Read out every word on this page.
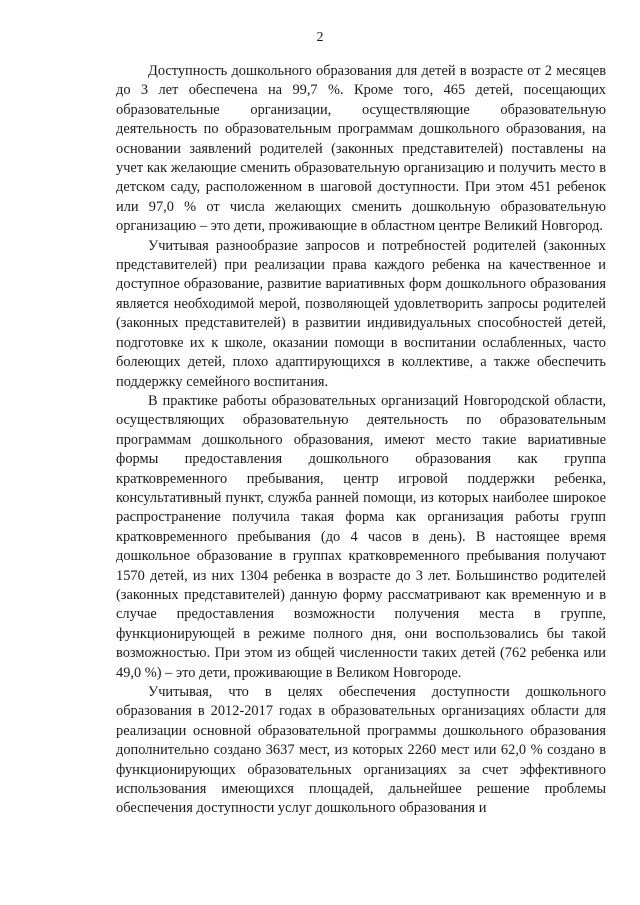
2

Доступность дошкольного образования для детей в возрасте от 2 месяцев до 3 лет обеспечена на 99,7 %. Кроме того, 465 детей, посещающих образовательные организации, осуществляющие образовательную деятельность по образовательным программам дошкольного образования, на основании заявлений родителей (законных представителей) поставлены на учет как желающие сменить образовательную организацию и получить место в детском саду, расположенном в шаговой доступности. При этом 451 ребенок или 97,0 % от числа желающих сменить дошкольную образовательную организацию – это дети, проживающие в областном центре Великий Новгород.

Учитывая разнообразие запросов и потребностей родителей (законных представителей) при реализации права каждого ребенка на качественное и доступное образование, развитие вариативных форм дошкольного образования является необходимой мерой, позволяющей удовлетворить запросы родителей (законных представителей) в развитии индивидуальных способностей детей, подготовке их к школе, оказании помощи в воспитании ослабленных, часто болеющих детей, плохо адаптирующихся в коллективе, а также обеспечить поддержку семейного воспитания.

В практике работы образовательных организаций Новгородской области, осуществляющих образовательную деятельность по образовательным программам дошкольного образования, имеют место такие вариативные формы предоставления дошкольного образования как группа кратковременного пребывания, центр игровой поддержки ребенка, консультативный пункт, служба ранней помощи, из которых наиболее широкое распространение получила такая форма как организация работы групп кратковременного пребывания (до 4 часов в день). В настоящее время дошкольное образование в группах кратковременного пребывания получают 1570 детей, из них 1304 ребенка в возрасте до 3 лет. Большинство родителей (законных представителей) данную форму рассматривают как временную и в случае предоставления возможности получения места в группе, функционирующей в режиме полного дня, они воспользовались бы такой возможностью. При этом из общей численности таких детей (762 ребенка или 49,0 %) – это дети, проживающие в Великом Новгороде.

Учитывая, что в целях обеспечения доступности дошкольного образования в 2012-2017 годах в образовательных организациях области для реализации основной образовательной программы дошкольного образования дополнительно создано 3637 мест, из которых 2260 мест или 62,0 % создано в функционирующих образовательных организациях за счет эффективного использования имеющихся площадей, дальнейшее решение проблемы обеспечения доступности услуг дошкольного образования и
